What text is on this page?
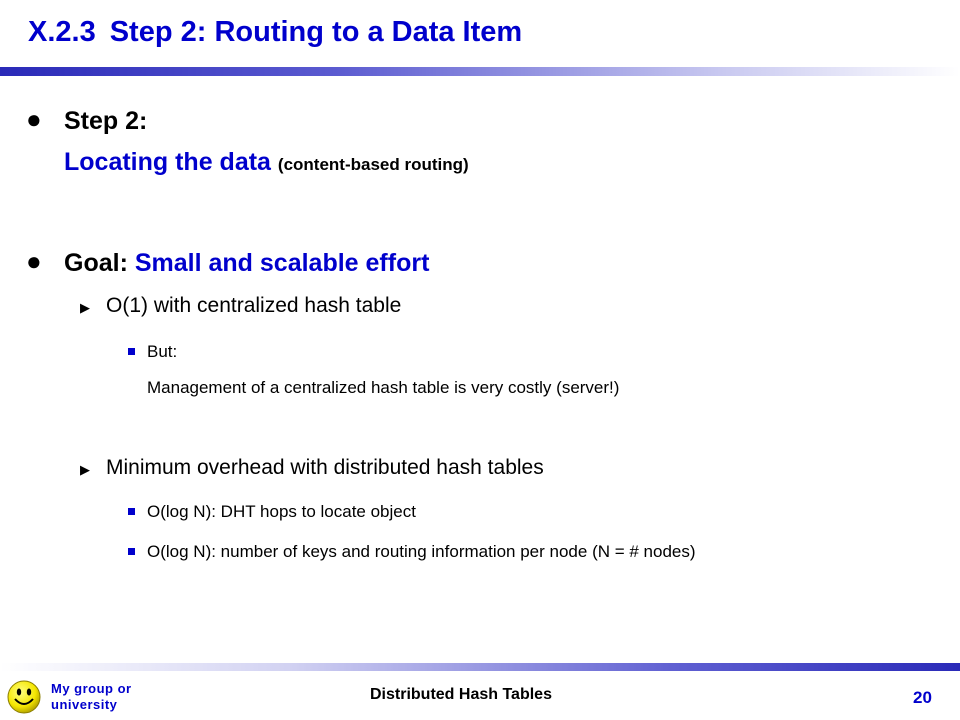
X.2.3 Step 2: Routing to a Data Item
● Step 2:
Locating the data (content-based routing)
● Goal: Small and scalable effort
▶ O(1) with centralized hash table
But:
Management of a centralized hash table is very costly (server!)
▶ Minimum overhead with distributed hash tables
O(log N): DHT hops to locate object
O(log N): number of keys and routing information per node (N = # nodes)
My group or
university
Distributed Hash Tables	20
